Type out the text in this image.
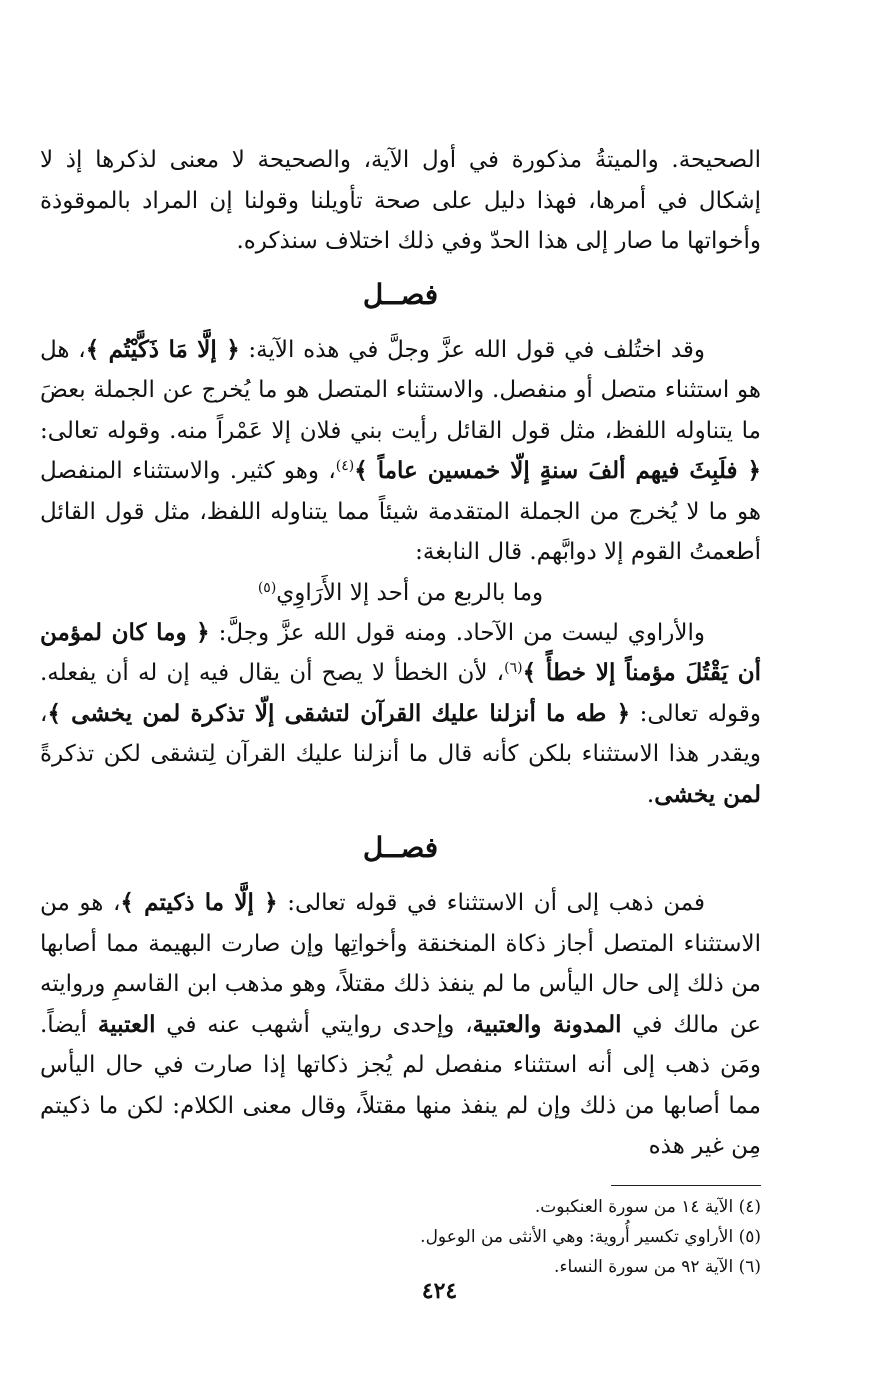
الصحيحة. والميتةُ مذكورة في أول الآية، والصحيحة لا معنى لذكرها إذ لا إشكال في أمرها، فهذا دليل على صحة تأويلنا وقولنا إن المراد بالموقوذة وأخواتها ما صار إلى هذا الحدّ وفي ذلك اختلاف سنذكره.

فصــل

وقد اختُلف في قول الله عزَّ وجلَّ في هذه الآية: ﴿ إلَّا مَا ذَكَّيْتُم ﴾، هل هو استثناء متصل أو منفصل. والاستثناء المتصل هو ما يُخرج عن الجملة بعضَ ما يتناوله اللفظ، مثل قول القائل رأيت بني فلان إلا عَمْراً منه. وقوله تعالى: ﴿ فلَبِثَ فيهم ألفَ سنةٍ إلّا خمسين عاماً ﴾$^{(٤)}$، وهو كثير. والاستثناء المنفصل هو ما لا يُخرج من الجملة المتقدمة شيئاً مما يتناوله اللفظ، مثل قول القائل أطعمتُ القوم إلا دوابَّهم. قال النابغة:

وما بالربع من أحد إلا الأَرَاوِي$^{(٥)}$

والأراوي ليست من الآحاد. ومنه قول الله عزَّ وجلَّ: ﴿ وما كان لمؤمن أن يَقْتُلَ مؤمناً إلا خطأً ﴾$^{(٦)}$، لأن الخطأ لا يصح أن يقال فيه إن له أن يفعله. وقوله تعالى: ﴿ طه ما أنزلنا عليك القرآن لتشقى إلّا تذكرة لمن يخشى ﴾، ويقدر هذا الاستثناء بلكن كأنه قال ما أنزلنا عليك القرآن لِتشقى لكن تذكرةً لمن يخشى.

فصــل

فمن ذهب إلى أن الاستثناء في قوله تعالى: ﴿ إلَّا ما ذكيتم ﴾، هو من الاستثناء المتصل أجاز ذكاة المنخنقة وأخواتِها وإن صارت البهيمة مما أصابها من ذلك إلى حال اليأس ما لم ينفذ ذلك مقتلاً، وهو مذهب ابن القاسمِ وروايته عن مالك في المدونة والعتبية، وإحدى روايتي أشهب عنه في العتبية أيضاً. ومَن ذهب إلى أنه استثناء منفصل لم يُجز ذكاتها إذا صارت في حال اليأس مما أصابها من ذلك وإن لم ينفذ منها مقتلاً، وقال معنى الكلام: لكن ما ذكيتم مِن غير هذه

(٤) الآية ١٤ من سورة العنكبوت.

(٥) الأراوي تكسير أُروية: وهي الأنثى من الوعول.

(٦) الآية ٩٢ من سورة النساء.

٤٢٤
